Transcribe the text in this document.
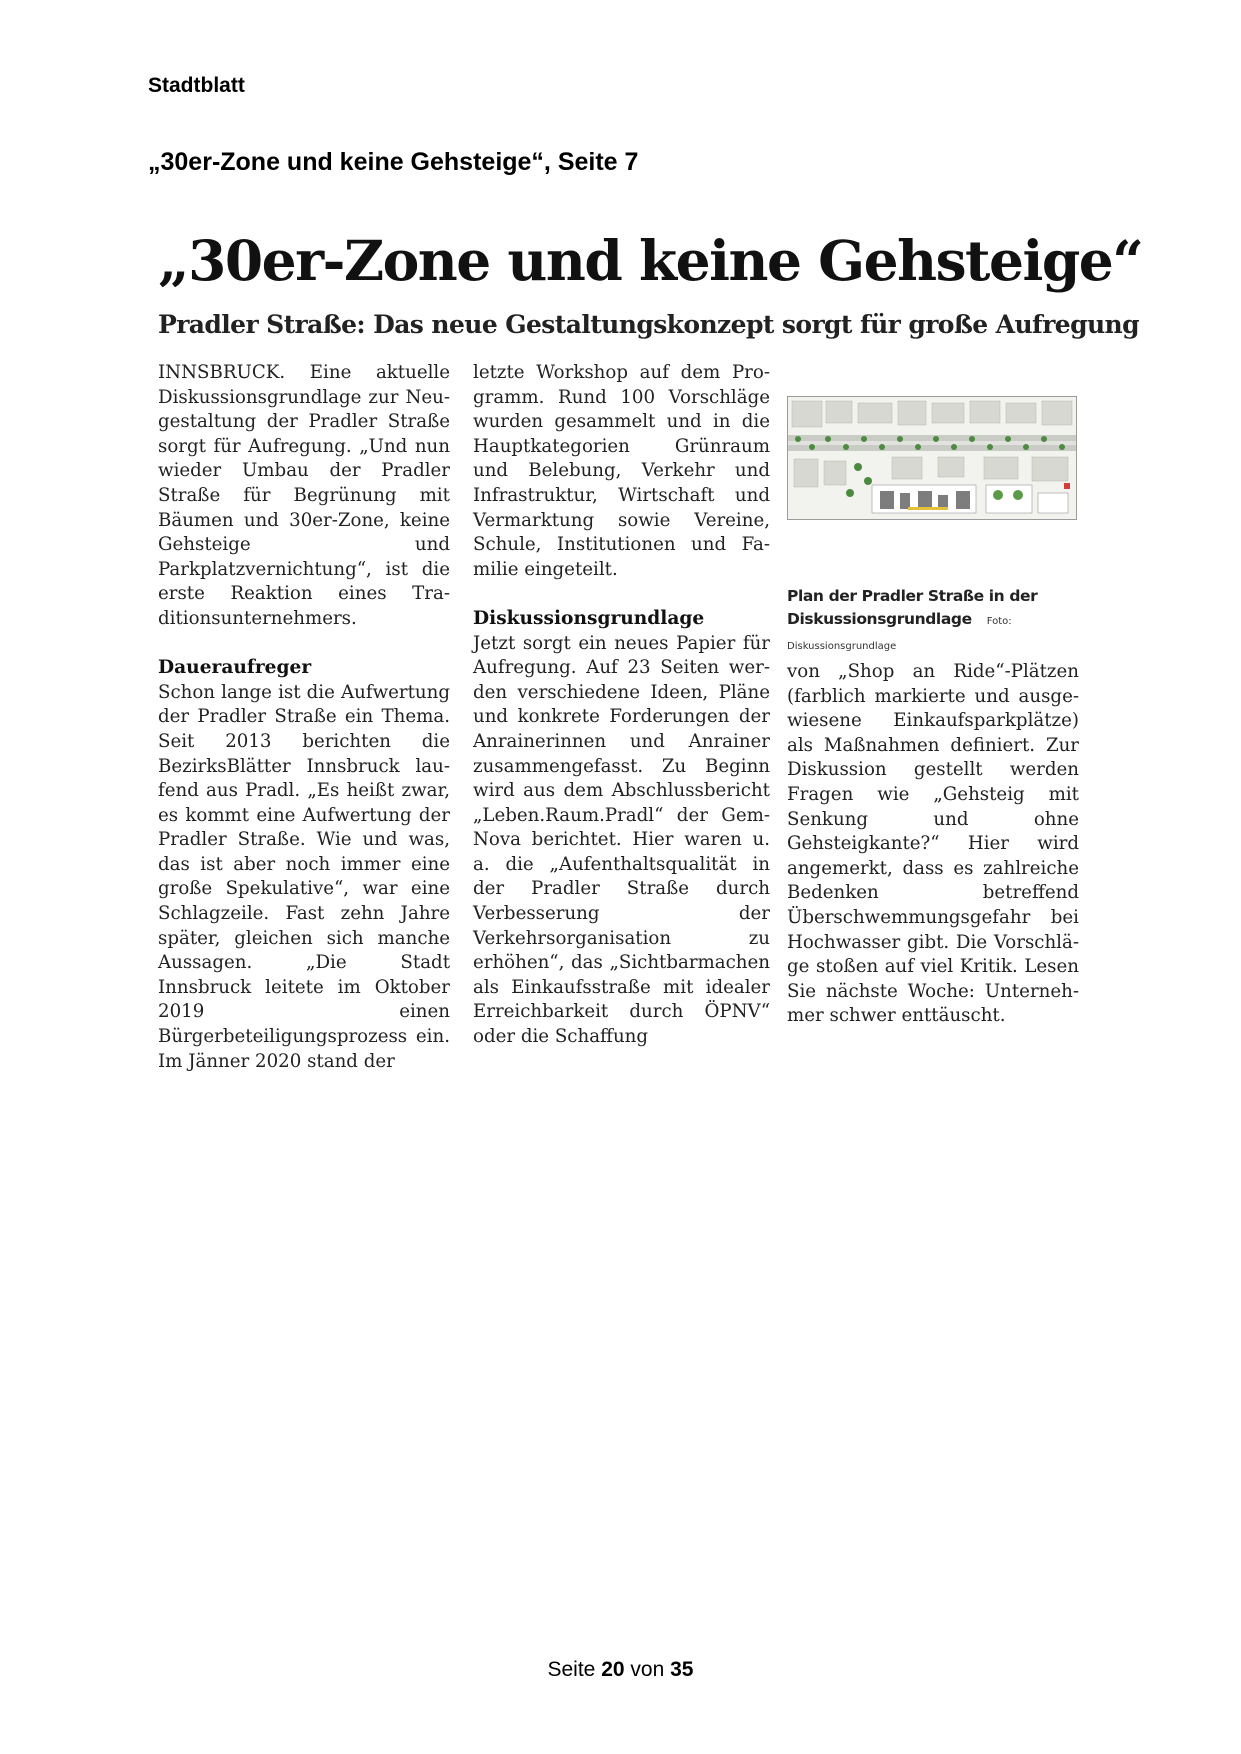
Stadtblatt
„30er-Zone und keine Gehsteige“, Seite 7
„30er-Zone und keine Gehsteige“
Pradler Straße: Das neue Gestaltungskonzept sorgt für große Aufregung

INNSBRUCK. Eine aktuelle Diskussionsgrundlage zur Neugestaltung der Pradler Straße sorgt für Aufregung. „Und nun wieder Umbau der Pradler Straße für Begrünung mit Bäumen und 30er-Zone, keine Gehsteige und Parkplatzvernichtung“, ist die erste Reaktion eines Traditionsunternehmers.

Daueraufreger

Schon lange ist die Aufwertung der Pradler Straße ein Thema. Seit 2013 berichten die BezirksBlätter Innsbruck laufend aus Pradl. „Es heißt zwar, es kommt eine Aufwertung der Pradler Straße. Wie und was, das ist aber noch immer eine große Spekulative“, war eine Schlagzeile. Fast zehn Jahre später, gleichen sich manche Aussagen. „Die Stadt Innsbruck leitete im Oktober 2019 einen Bürgerbeteiligungsprozess ein. Im Jänner 2020 stand der

letzte Workshop auf dem Programm. Rund 100 Vorschläge wurden gesammelt und in die Hauptkategorien Grünraum und Belebung, Verkehr und Infrastruktur, Wirtschaft und Vermarktung sowie Vereine, Schule, Institutionen und Familie eingeteilt.

Diskussionsgrundlage

Jetzt sorgt ein neues Papier für Aufregung. Auf 23 Seiten werden verschiedene Ideen, Pläne und konkrete Forderungen der Anrainerinnen und Anrainer zusammengefasst. Zu Beginn wird aus dem Abschlussbericht „Leben.Raum.Pradl“ der GemNova berichtet. Hier waren u. a. die „Aufenthaltsqualität in der Pradler Straße durch Verbesserung der Verkehrsorganisation zu erhöhen“, das „Sichtbarmachen als Einkaufsstraße mit idealer Erreichbarkeit durch ÖPNV“ oder die Schaffung

Plan der Pradler Straße in der Diskussionsgrundlage Foto: Diskussionsgrundlage

von „Shop an Ride“-Plätzen (farblich markierte und ausgewiesene Einkaufsparkplätze) als Maßnahmen definiert. Zur Diskussion gestellt werden Fragen wie „Gehsteig mit Senkung und ohne Gehsteigkante?“ Hier wird angemerkt, dass es zahlreiche Bedenken betreffend Überschwemmungsgefahr bei Hochwasser gibt. Die Vorschläge stoßen auf viel Kritik. Lesen Sie nächste Woche: Unternehmer schwer enttäuscht.

Seite 20 von 35
